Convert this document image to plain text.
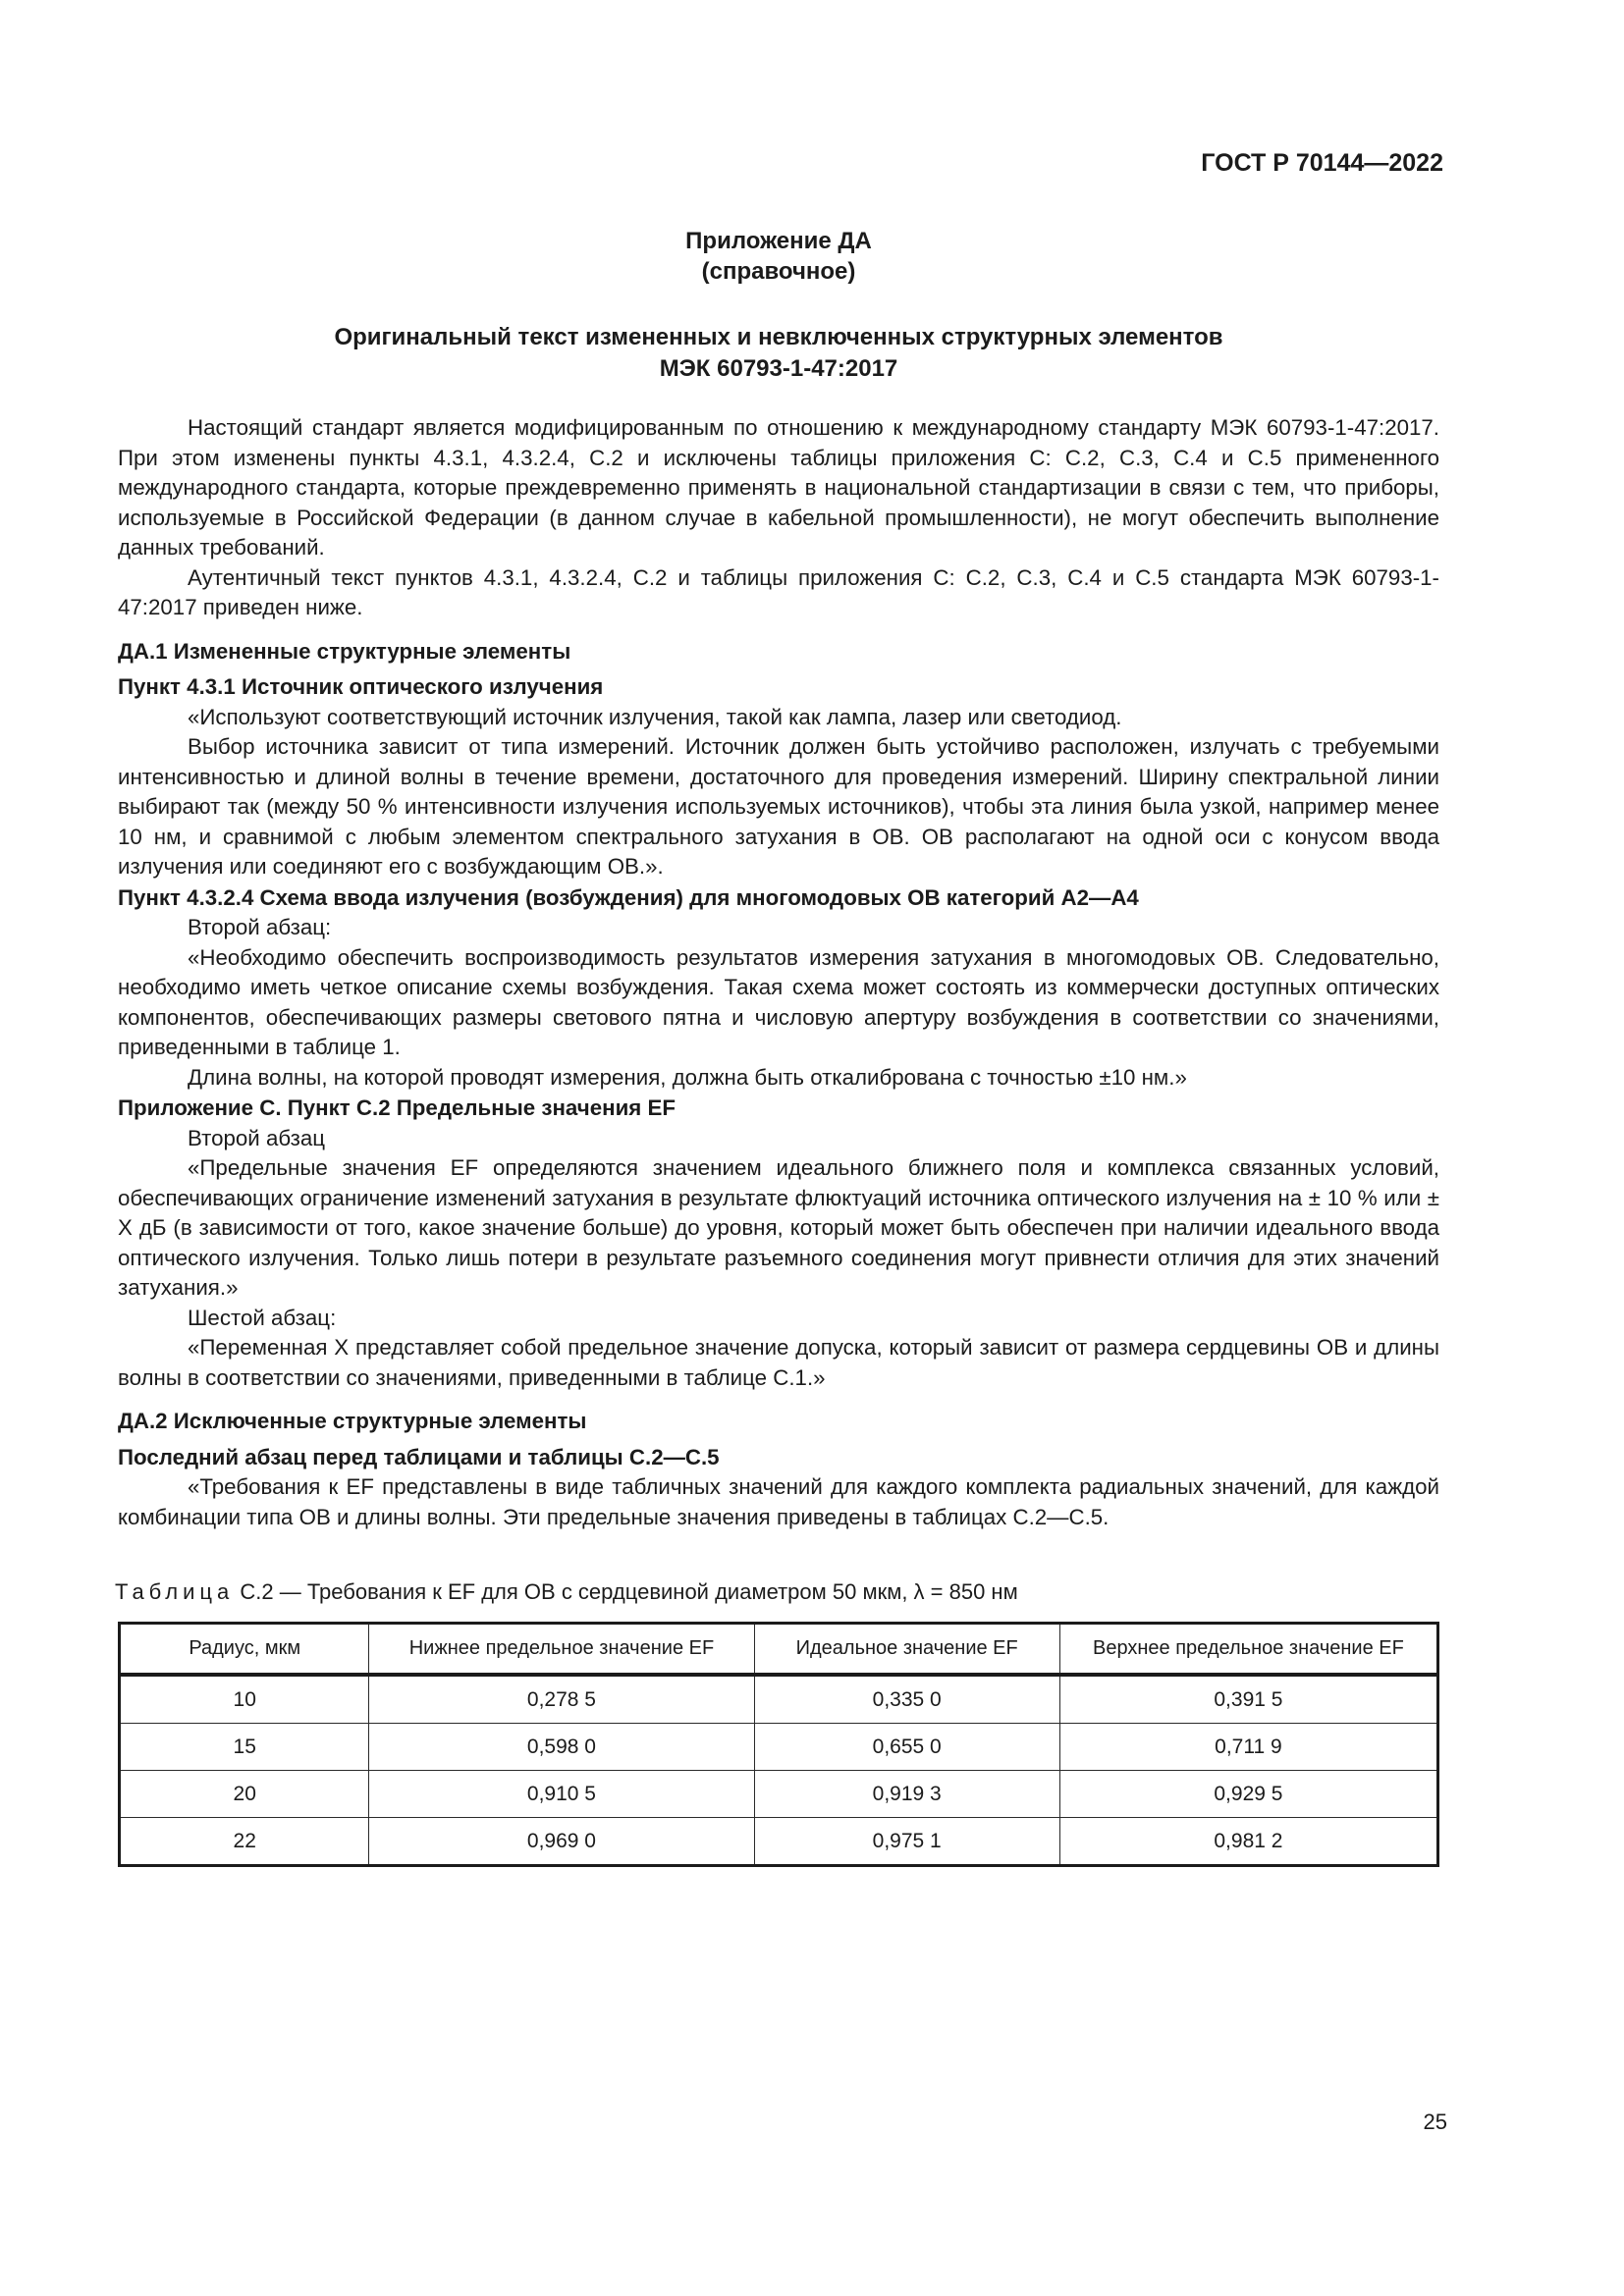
ГОСТ Р 70144—2022
Приложение ДА
(справочное)
Оригинальный текст измененных и невключенных структурных элементов
МЭК 60793-1-47:2017

Настоящий стандарт является модифицированным по отношению к международному стандарту МЭК 60793-1-47:2017. При этом изменены пункты 4.3.1, 4.3.2.4, С.2 и исключены таблицы приложения С: С.2, С.3, С.4 и С.5 примененного международного стандарта, которые преждевременно применять в национальной стандартизации в связи с тем, что приборы, используемые в Российской Федерации (в данном случае в кабельной промышленности), не могут обеспечить выполнение данных требований.

Аутентичный текст пунктов 4.3.1, 4.3.2.4, С.2 и таблицы приложения С: С.2, С.3, С.4 и С.5 стандарта МЭК 60793-1-47:2017 приведен ниже.

ДА.1 Измененные структурные элементы

Пункт 4.3.1 Источник оптического излучения

«Используют соответствующий источник излучения, такой как лампа, лазер или светодиод.

Выбор источника зависит от типа измерений. Источник должен быть устойчиво расположен, излучать с требуемыми интенсивностью и длиной волны в течение времени, достаточного для проведения измерений. Ширину спектральной линии выбирают так (между 50 % интенсивности излучения используемых источников), чтобы эта линия была узкой, например менее 10 нм, и сравнимой с любым элементом спектрального затухания в ОВ. ОВ располагают на одной оси с конусом ввода излучения или соединяют его с возбуждающим ОВ.».

Пункт 4.3.2.4 Схема ввода излучения (возбуждения) для многомодовых ОВ категорий А2—А4

Второй абзац:

«Необходимо обеспечить воспроизводимость результатов измерения затухания в многомодовых ОВ. Следовательно, необходимо иметь четкое описание схемы возбуждения. Такая схема может состоять из коммерчески доступных оптических компонентов, обеспечивающих размеры светового пятна и числовую апертуру возбуждения в соответствии со значениями, приведенными в таблице 1.

Длина волны, на которой проводят измерения, должна быть откалибрована с точностью ±10 нм.»

Приложение С. Пункт С.2 Предельные значения EF

Второй абзац

«Предельные значения EF определяются значением идеального ближнего поля и комплекса связанных условий, обеспечивающих ограничение изменений затухания в результате флюктуаций источника оптического излучения на ± 10 % или ± X дБ (в зависимости от того, какое значение больше) до уровня, который может быть обеспечен при наличии идеального ввода оптического излучения. Только лишь потери в результате разъемного соединения могут привнести отличия для этих значений затухания.»

Шестой абзац:

«Переменная X представляет собой предельное значение допуска, который зависит от размера сердцевины ОВ и длины волны в соответствии со значениями, приведенными в таблице С.1.»

ДА.2 Исключенные структурные элементы

Последний абзац перед таблицами и таблицы С.2—С.5

«Требования к EF представлены в виде табличных значений для каждого комплекта радиальных значений, для каждой комбинации типа ОВ и длины волны. Эти предельные значения приведены в таблицах С.2—С.5.

Таблица С.2 — Требования к EF для ОВ с сердцевиной диаметром 50 мкм, λ = 850 нм
Радиус, мкм	Нижнее предельное значение EF	Идеальное значение EF	Верхнее предельное значение EF
10	0,278 5	0,335 0	0,391 5
15	0,598 0	0,655 0	0,711 9
20	0,910 5	0,919 3	0,929 5
22	0,969 0	0,975 1	0,981 2
25
